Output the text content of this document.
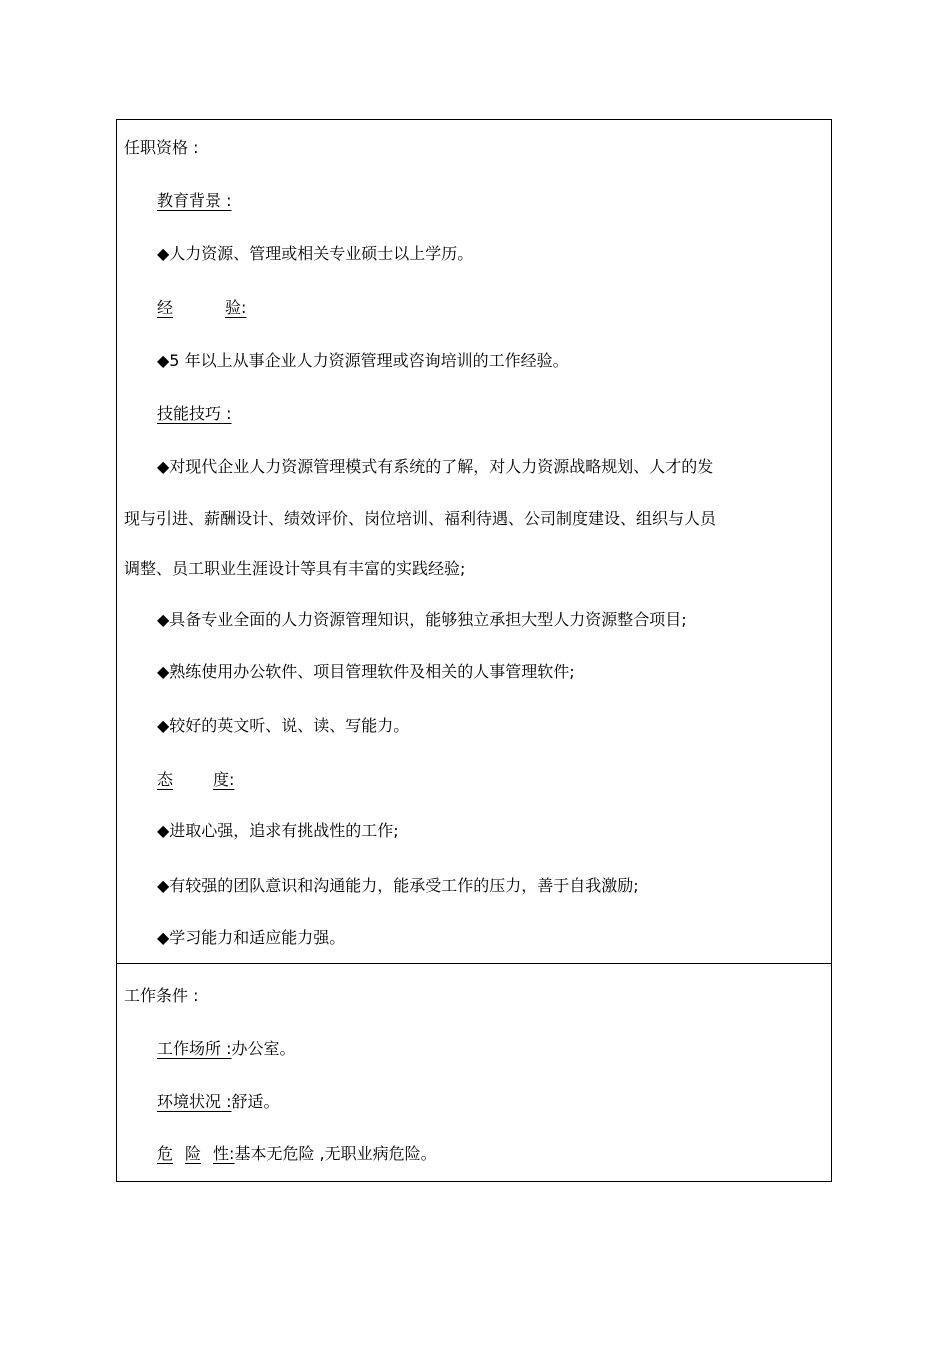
任职资格 :
教育背景 :
◆人力资源、管理或相关专业硕士以上学历。
经	验:
◆5 年以上从事企业人力资源管理或咨询培训的工作经验。
技能技巧 :
◆对现代企业人力资源管理模式有系统的了解，对人力资源战略规划、人才的发
现与引进、薪酬设计、绩效评价、岗位培训、福利待遇、公司制度建设、组织与人员
调整、员工职业生涯设计等具有丰富的实践经验;
◆具备专业全面的人力资源管理知识，能够独立承担大型人力资源整合项目;
◆熟练使用办公软件、项目管理软件及相关的人事管理软件;
◆较好的英文听、说、读、写能力。
态	度:
◆进取心强，追求有挑战性的工作;
◆有较强的团队意识和沟通能力，能承受工作的压力，善于自我激励;
◆学习能力和适应能力强。
工作条件 :
工作场所 :办公室。
环境状况 :舒适。
危 险 性:基本无危险 ,无职业病危险。
